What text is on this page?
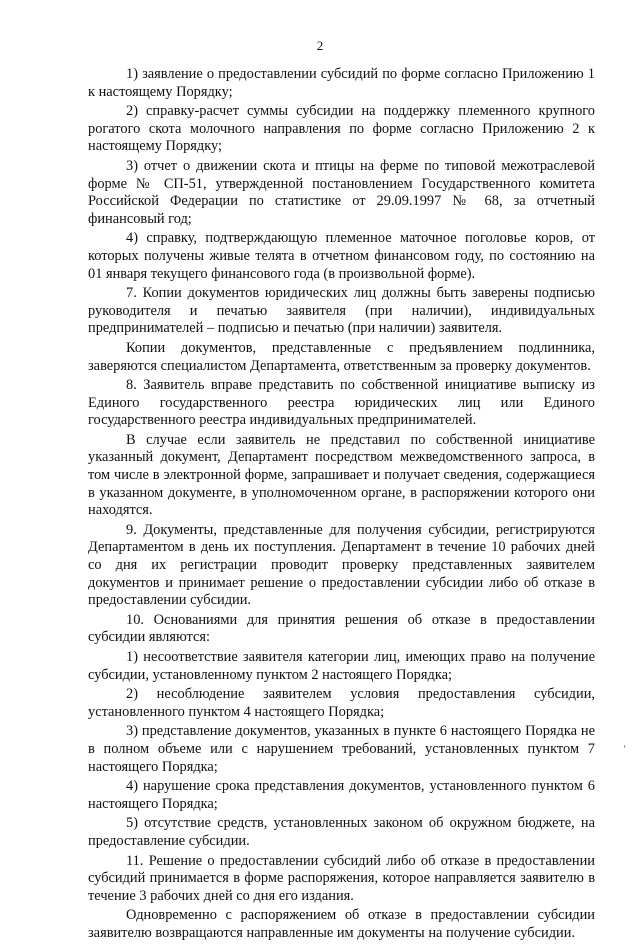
2

1) заявление о предоставлении субсидий по форме согласно Приложению 1 к настоящему Порядку;

2) справку-расчет суммы субсидии на поддержку племенного крупного рогатого скота молочного направления по форме согласно Приложению 2 к настоящему Порядку;

3) отчет о движении скота и птицы на ферме по типовой межотраслевой форме № СП-51, утвержденной постановлением Государственного комитета Российской Федерации по статистике от 29.09.1997 № 68, за отчетный финансовый год;

4) справку, подтверждающую племенное маточное поголовье коров, от которых получены живые телята в отчетном финансовом году, по состоянию на 01 января текущего финансового года (в произвольной форме).

7. Копии документов юридических лиц должны быть заверены подписью руководителя и печатью заявителя (при наличии), индивидуальных предпринимателей – подписью и печатью (при наличии) заявителя.

Копии документов, представленные с предъявлением подлинника, заверяются специалистом Департамента, ответственным за проверку документов.

8. Заявитель вправе представить по собственной инициативе выписку из Единого государственного реестра юридических лиц или Единого государственного реестра индивидуальных предпринимателей.

В случае если заявитель не представил по собственной инициативе указанный документ, Департамент посредством межведомственного запроса, в том числе в электронной форме, запрашивает и получает сведения, содержащиеся в указанном документе, в уполномоченном органе, в распоряжении которого они находятся.

9. Документы, представленные для получения субсидии, регистрируются Департаментом в день их поступления. Департамент в течение 10 рабочих дней со дня их регистрации проводит проверку представленных заявителем документов и принимает решение о предоставлении субсидии либо об отказе в предоставлении субсидии.

10. Основаниями для принятия решения об отказе в предоставлении субсидии являются:

1) несоответствие заявителя категории лиц, имеющих право на получение субсидии, установленному пунктом 2 настоящего Порядка;

2) несоблюдение заявителем условия предоставления субсидии, установленного пунктом 4 настоящего Порядка;

3) представление документов, указанных в пункте 6 настоящего Порядка не в полном объеме или с нарушением требований, установленных пунктом 7 настоящего Порядка;

4) нарушение срока представления документов, установленного пунктом 6 настоящего Порядка;

5) отсутствие средств, установленных законом об окружном бюджете, на предоставление субсидии.

11. Решение о предоставлении субсидий либо об отказе в предоставлении субсидий принимается в форме распоряжения, которое направляется заявителю в течение 3 рабочих дней со дня его издания.

Одновременно с распоряжением об отказе в предоставлении субсидии заявителю возвращаются направленные им документы на получение субсидии.
